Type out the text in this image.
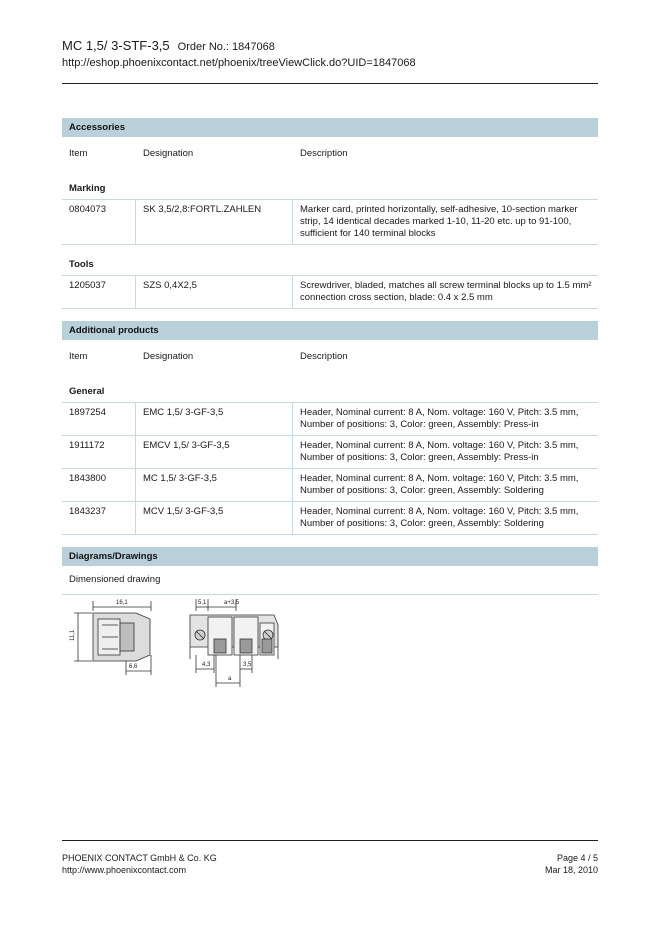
MC 1,5/ 3-STF-3,5 Order No.: 1847068
http://eshop.phoenixcontact.net/phoenix/treeViewClick.do?UID=1847068
Accessories
Item	Designation	Description
Marking
0804073	SK 3,5/2,8:FORTL.ZAHLEN	Marker card, printed horizontally, self-adhesive, 10-section marker strip, 14 identical decades marked 1-10, 11-20 etc. up to 91-100, sufficient for 140 terminal blocks
Tools
1205037	SZS 0,4X2,5	Screwdriver, bladed, matches all screw terminal blocks up to 1.5 mm² connection cross section, blade: 0.4 x 2.5 mm
Additional products
Item	Designation	Description
General
1897254	EMC 1,5/ 3-GF-3,5	Header, Nominal current: 8 A, Nom. voltage: 160 V, Pitch: 3.5 mm, Number of positions: 3, Color: green, Assembly: Press-in
1911172	EMCV 1,5/ 3-GF-3,5	Header, Nominal current: 8 A, Nom. voltage: 160 V, Pitch: 3.5 mm, Number of positions: 3, Color: green, Assembly: Press-in
1843800	MC 1,5/ 3-GF-3,5	Header, Nominal current: 8 A, Nom. voltage: 160 V, Pitch: 3.5 mm, Number of positions: 3, Color: green, Assembly: Soldering
1843237	MCV 1,5/ 3-GF-3,5	Header, Nominal current: 8 A, Nom. voltage: 160 V, Pitch: 3.5 mm, Number of positions: 3, Color: green, Assembly: Soldering
Diagrams/Drawings
Dimensioned drawing
16,1
11,1
6,6
5,1	a+3,5
4,3	3,5
a
PHOENIX CONTACT GmbH & Co. KG
http://www.phoenixcontact.com
Page 4 / 5
Mar 18, 2010
